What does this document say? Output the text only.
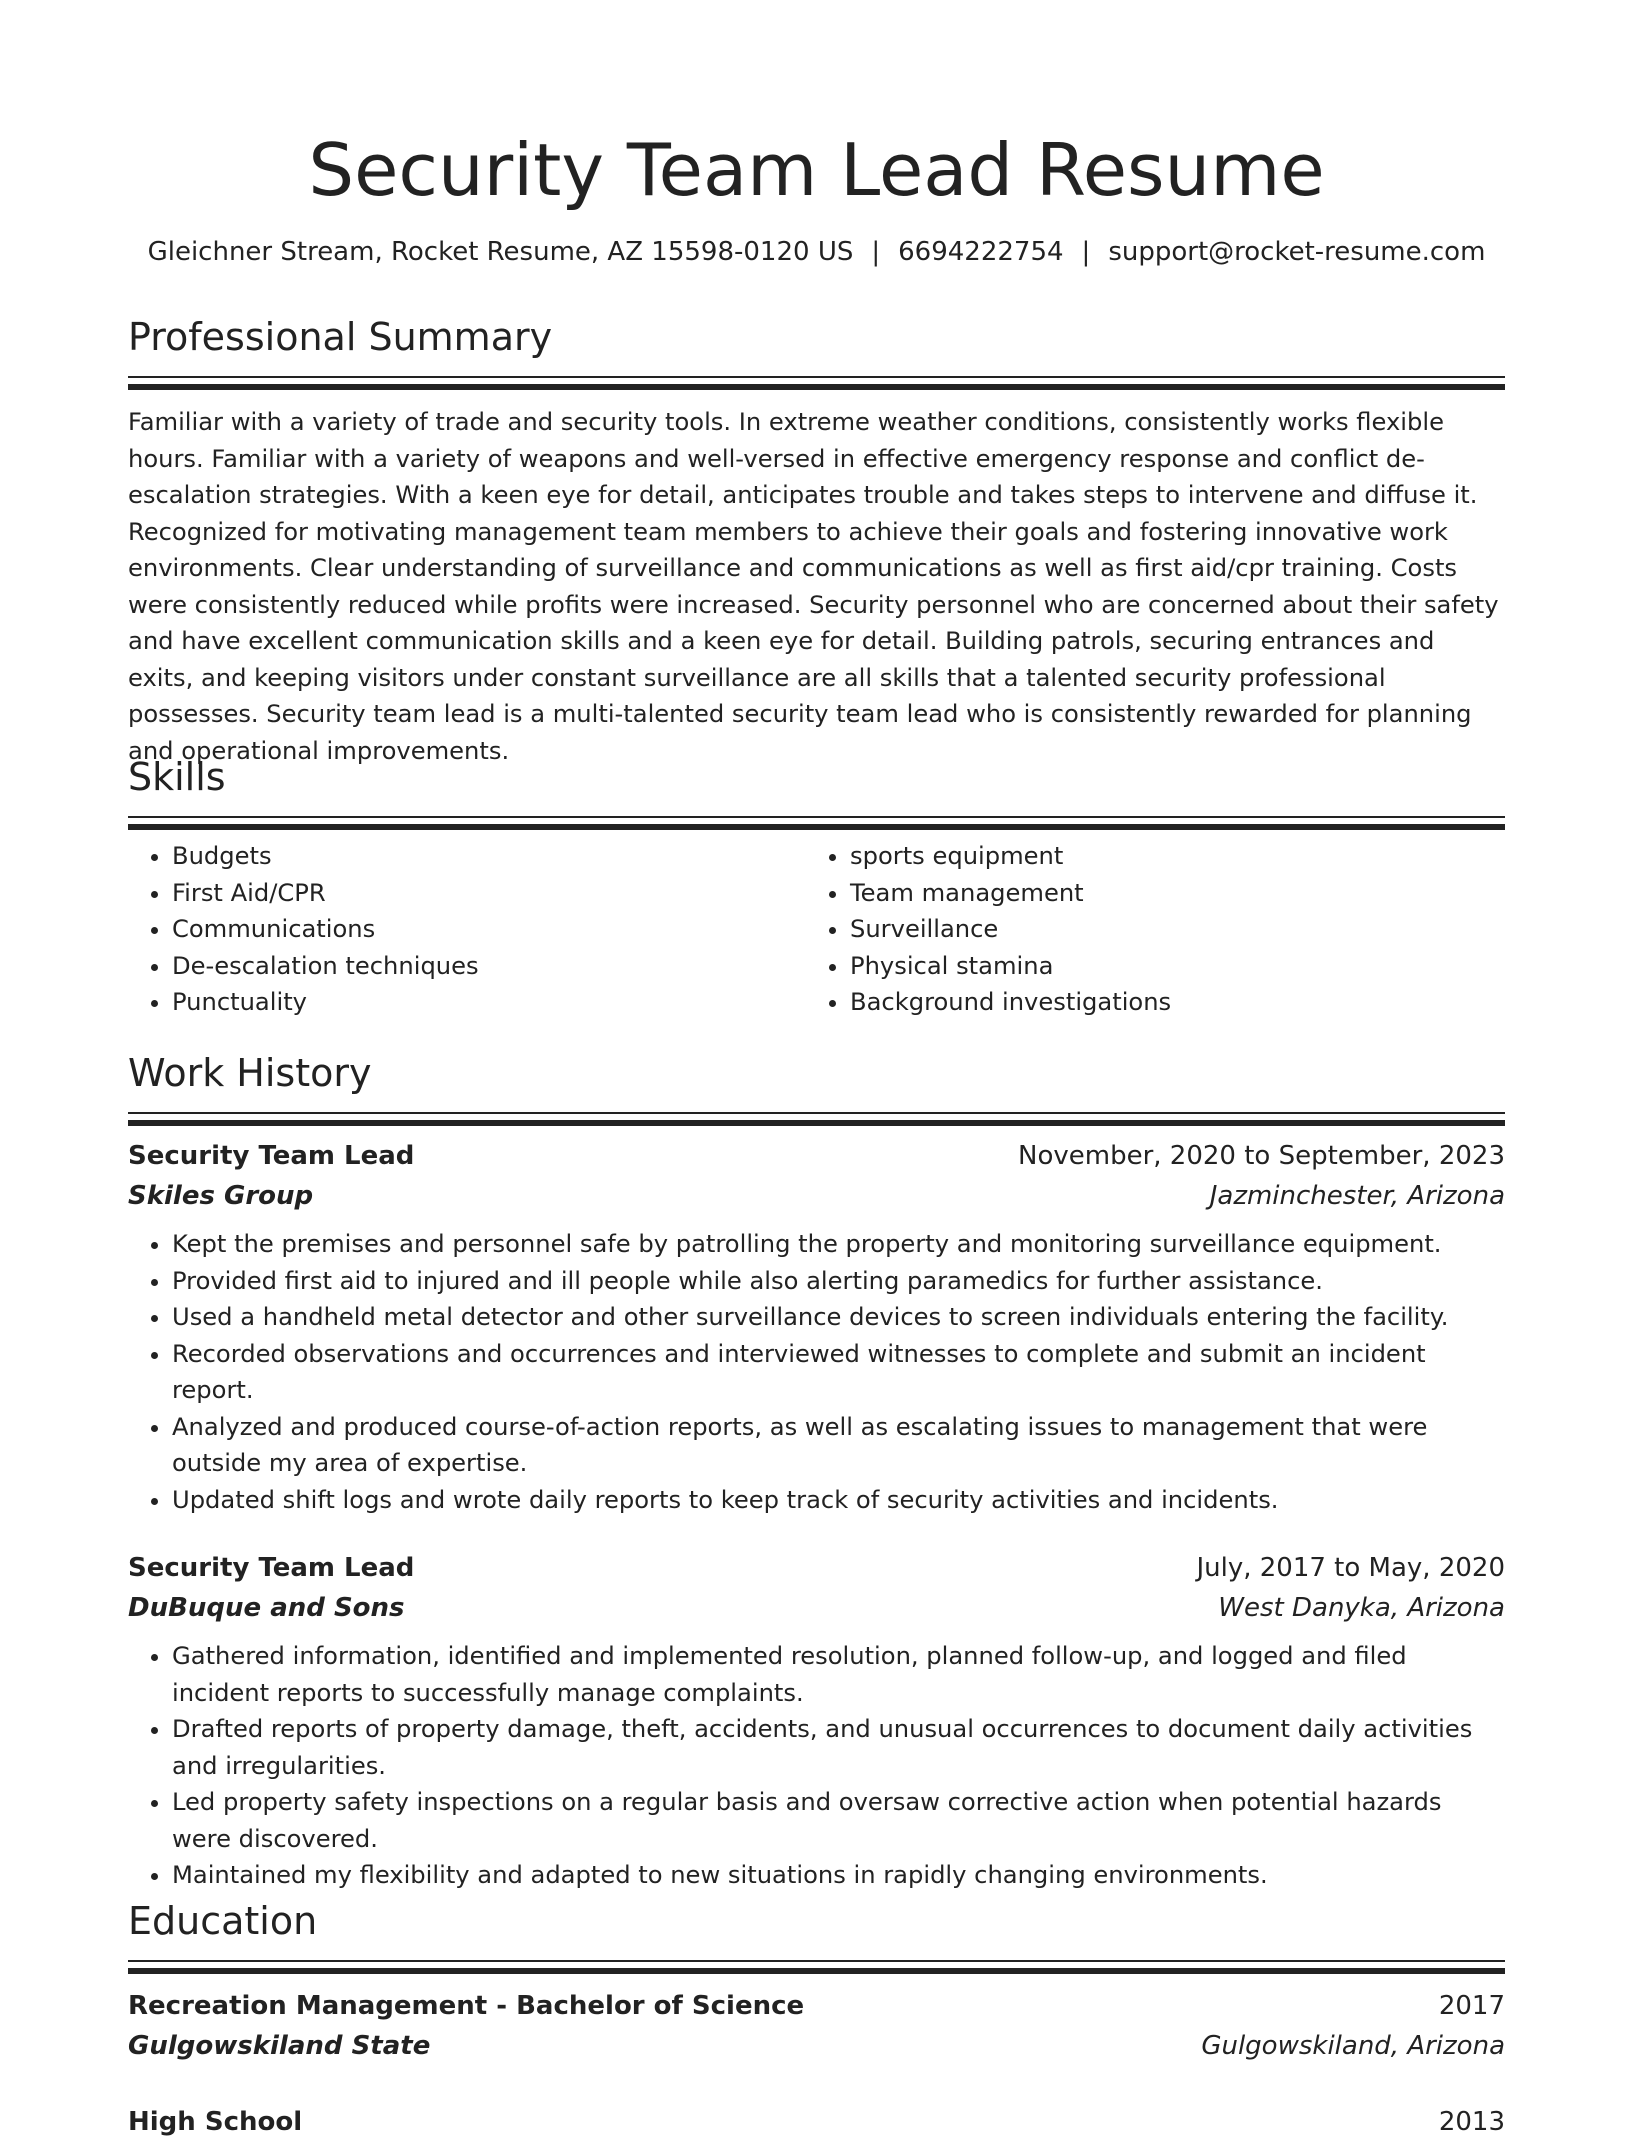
Security Team Lead Resume
Gleichner Stream, Rocket Resume, AZ 15598-0120 US | 6694222754 | support@rocket-resume.com
Professional Summary
Familiar with a variety of trade and security tools. In extreme weather conditions, consistently works flexible hours. Familiar with a variety of weapons and well-versed in effective emergency response and conflict de-escalation strategies. With a keen eye for detail, anticipates trouble and takes steps to intervene and diffuse it. Recognized for motivating management team members to achieve their goals and fostering innovative work environments. Clear understanding of surveillance and communications as well as first aid/cpr training. Costs were consistently reduced while profits were increased. Security personnel who are concerned about their safety and have excellent communication skills and a keen eye for detail. Building patrols, securing entrances and exits, and keeping visitors under constant surveillance are all skills that a talented security professional possesses. Security team lead is a multi-talented security team lead who is consistently rewarded for planning and operational improvements.
Skills
• Budgets
• First Aid/CPR
• Communications
• De-escalation techniques
• Punctuality
• sports equipment
• Team management
• Surveillance
• Physical stamina
• Background investigations
Work History
Security Team Lead	November, 2020 to September, 2023
Skiles Group	Jazminchester, Arizona
• Kept the premises and personnel safe by patrolling the property and monitoring surveillance equipment.
• Provided first aid to injured and ill people while also alerting paramedics for further assistance.
• Used a handheld metal detector and other surveillance devices to screen individuals entering the facility.
• Recorded observations and occurrences and interviewed witnesses to complete and submit an incident report.
• Analyzed and produced course-of-action reports, as well as escalating issues to management that were outside my area of expertise.
• Updated shift logs and wrote daily reports to keep track of security activities and incidents.
Security Team Lead	July, 2017 to May, 2020
DuBuque and Sons	West Danyka, Arizona
• Gathered information, identified and implemented resolution, planned follow-up, and logged and filed incident reports to successfully manage complaints.
• Drafted reports of property damage, theft, accidents, and unusual occurrences to document daily activities and irregularities.
• Led property safety inspections on a regular basis and oversaw corrective action when potential hazards were discovered.
• Maintained my flexibility and adapted to new situations in rapidly changing environments.
Education
Recreation Management - Bachelor of Science	2017
Gulgowskiland State	Gulgowskiland, Arizona
High School	2013
